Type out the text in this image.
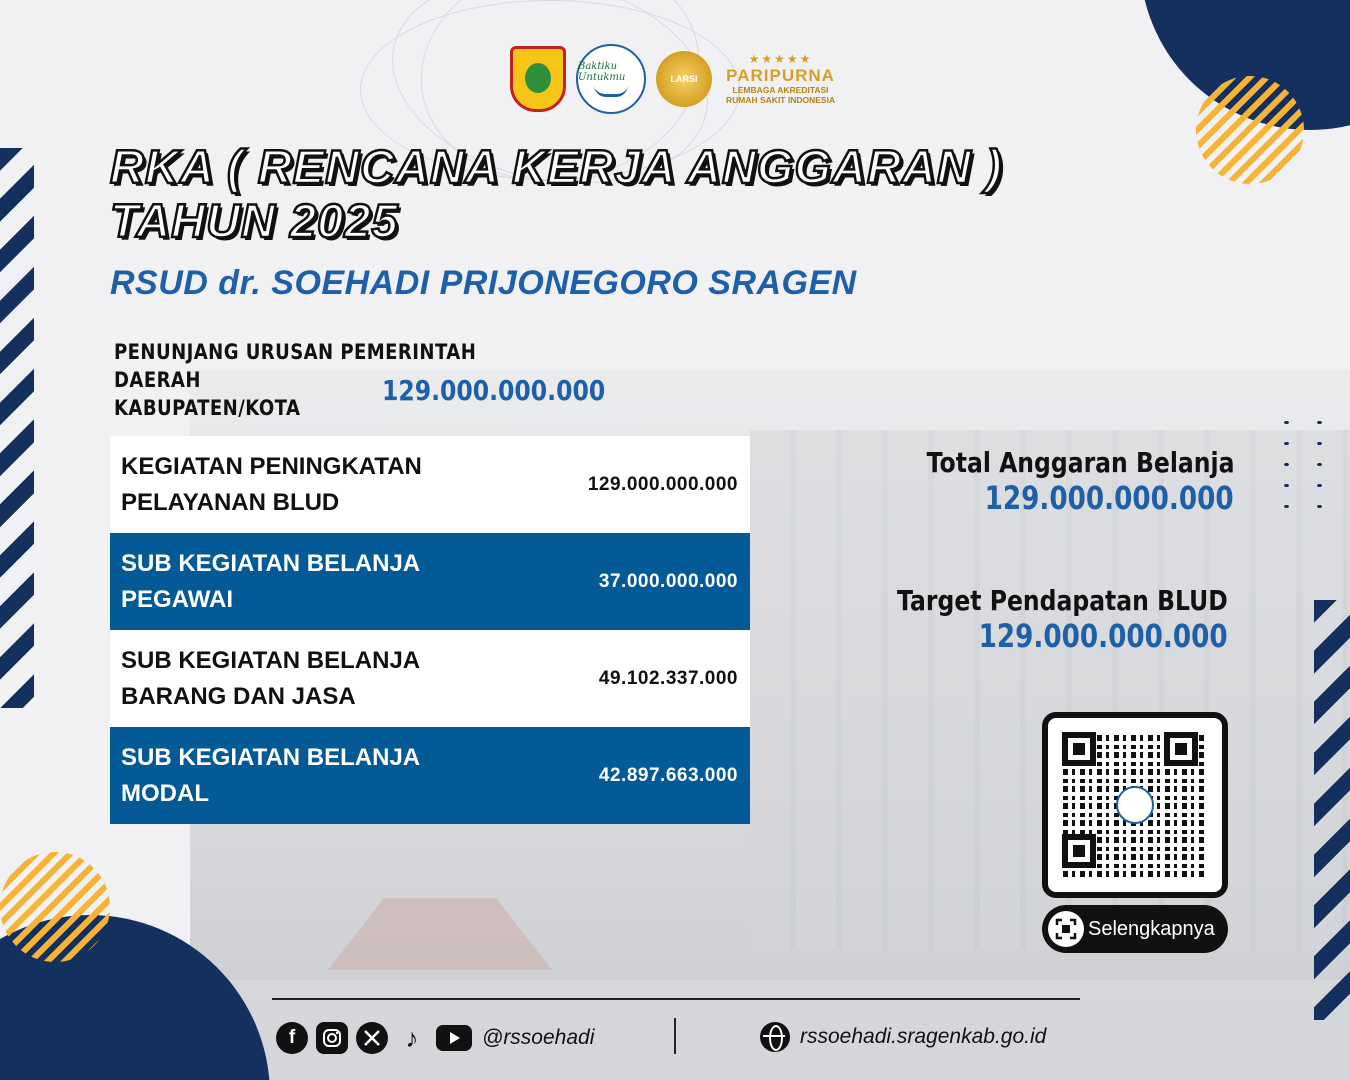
Baktiku Untukmu	LARSI
★★★★★
PARIPURNA
LEMBAGA AKREDITASI
RUMAH SAKIT INDONESIA
RKA ( RENCANA KERJA ANGGARAN )
TAHUN 2025
RSUD dr. SOEHADI PRIJONEGORO SRAGEN
PENUNJANG URUSAN PEMERINTAH DAERAH
KABUPATEN/KOTA
129.000.000.000
KEGIATAN PENINGKATAN
PELAYANAN BLUD
129.000.000.000
SUB KEGIATAN BELANJA
PEGAWAI
37.000.000.000
SUB KEGIATAN BELANJA
BARANG DAN JASA
49.102.337.000
SUB KEGIATAN BELANJA
MODAL
42.897.663.000
Total Anggaran Belanja
129.000.000.000
Target Pendapatan BLUD
129.000.000.000
Selengkapnya
f	♪	@rssoehadi	rssoehadi.sragenkab.go.id
